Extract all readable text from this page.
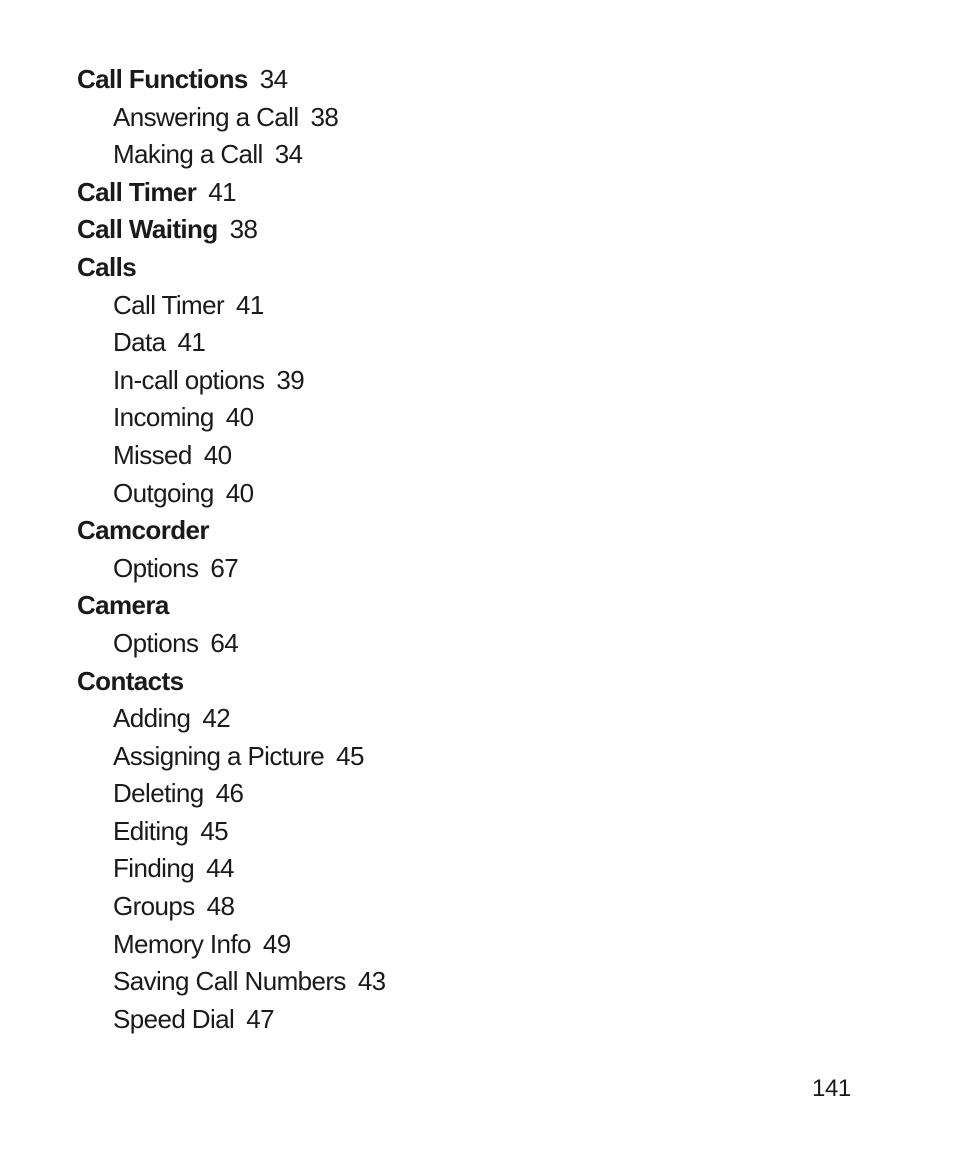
Call Functions 34
Answering a Call 38
Making a Call 34
Call Timer 41
Call Waiting 38
Calls
Call Timer 41
Data 41
In-call options 39
Incoming 40
Missed 40
Outgoing 40
Camcorder
Options 67
Camera
Options 64
Contacts
Adding 42
Assigning a Picture 45
Deleting 46
Editing 45
Finding 44
Groups 48
Memory Info 49
Saving Call Numbers 43
Speed Dial 47
141
